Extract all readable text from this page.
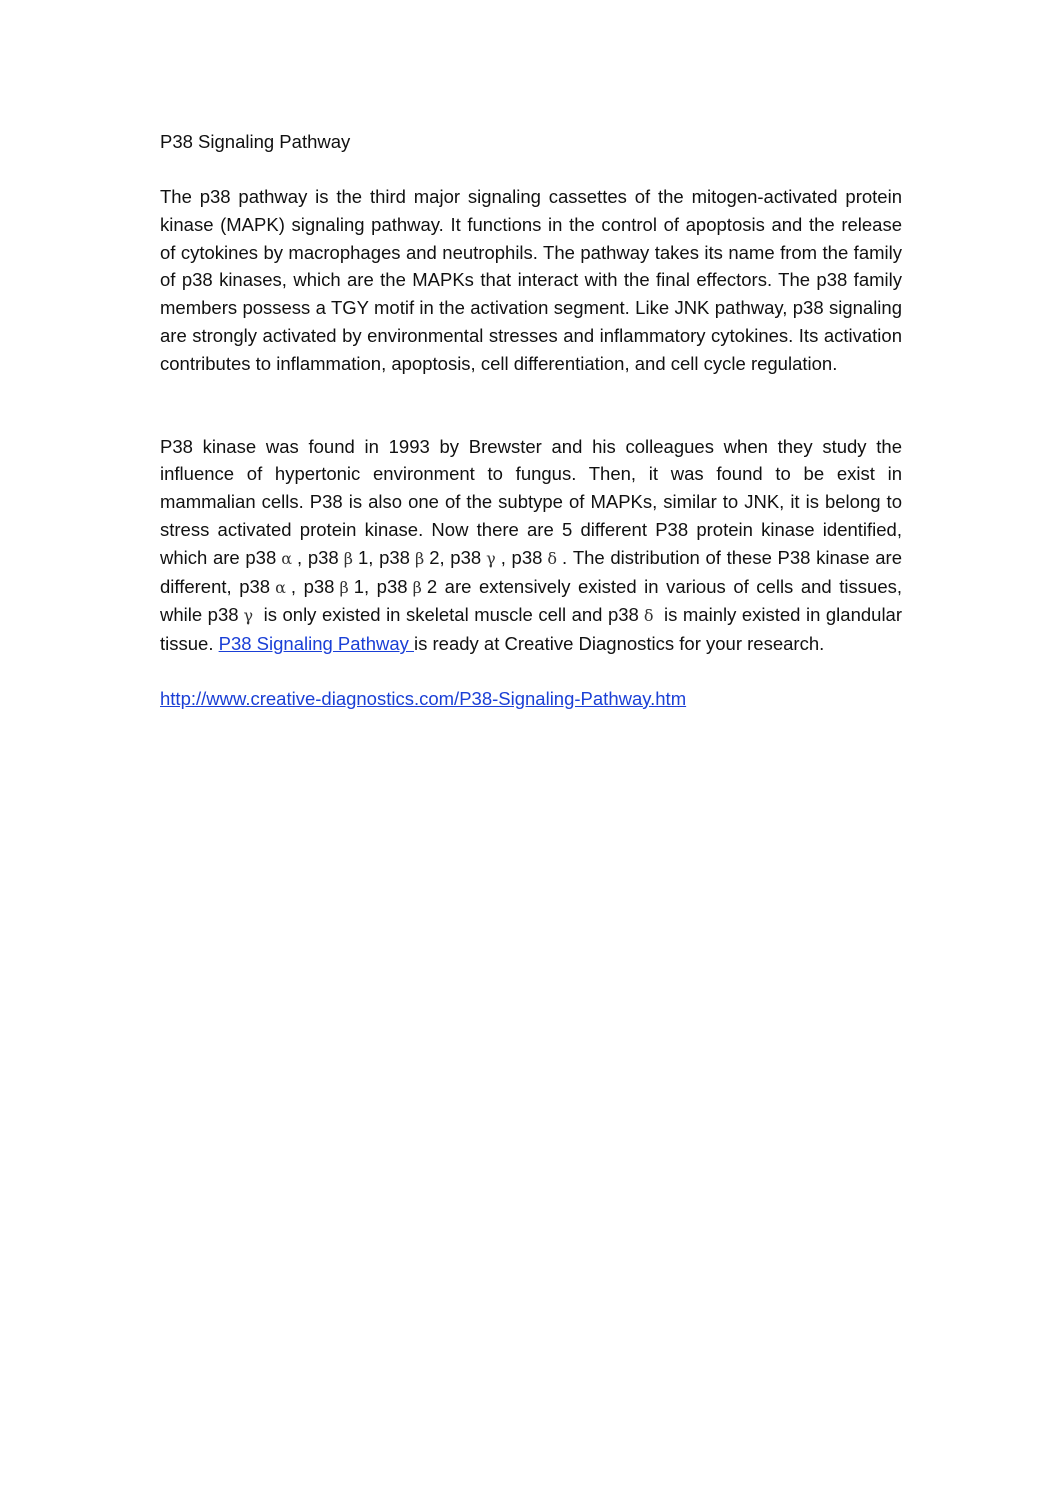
P38 Signaling Pathway

The p38 pathway is the third major signaling cassettes of the mitogen-activated protein kinase (MAPK) signaling pathway. It functions in the control of apoptosis and the release of cytokines by macrophages and neutrophils. The pathway takes its name from the family of p38 kinases, which are the MAPKs that interact with the final effectors. The p38 family members possess a TGY motif in the activation segment. Like JNK pathway, p38 signaling are strongly activated by environmental stresses and inflammatory cytokines. Its activation contributes to inflammation, apoptosis, cell differentiation, and cell cycle regulation.

P38 kinase was found in 1993 by Brewster and his colleagues when they study the influence of hypertonic environment to fungus. Then, it was found to be exist in mammalian cells. P38 is also one of the subtype of MAPKs, similar to JNK, it is belong to stress activated protein kinase. Now there are 5 different P38 protein kinase identified, which are p38 α , p38 β 1, p38 β 2, p38 γ , p38 δ . The distribution of these P38 kinase are different, p38 α , p38 β 1, p38 β 2 are extensively existed in various of cells and tissues, while p38 γ is only existed in skeletal muscle cell and p38 δ is mainly existed in glandular tissue. P38 Signaling Pathway is ready at Creative Diagnostics for your research.

http://www.creative-diagnostics.com/P38-Signaling-Pathway.htm
